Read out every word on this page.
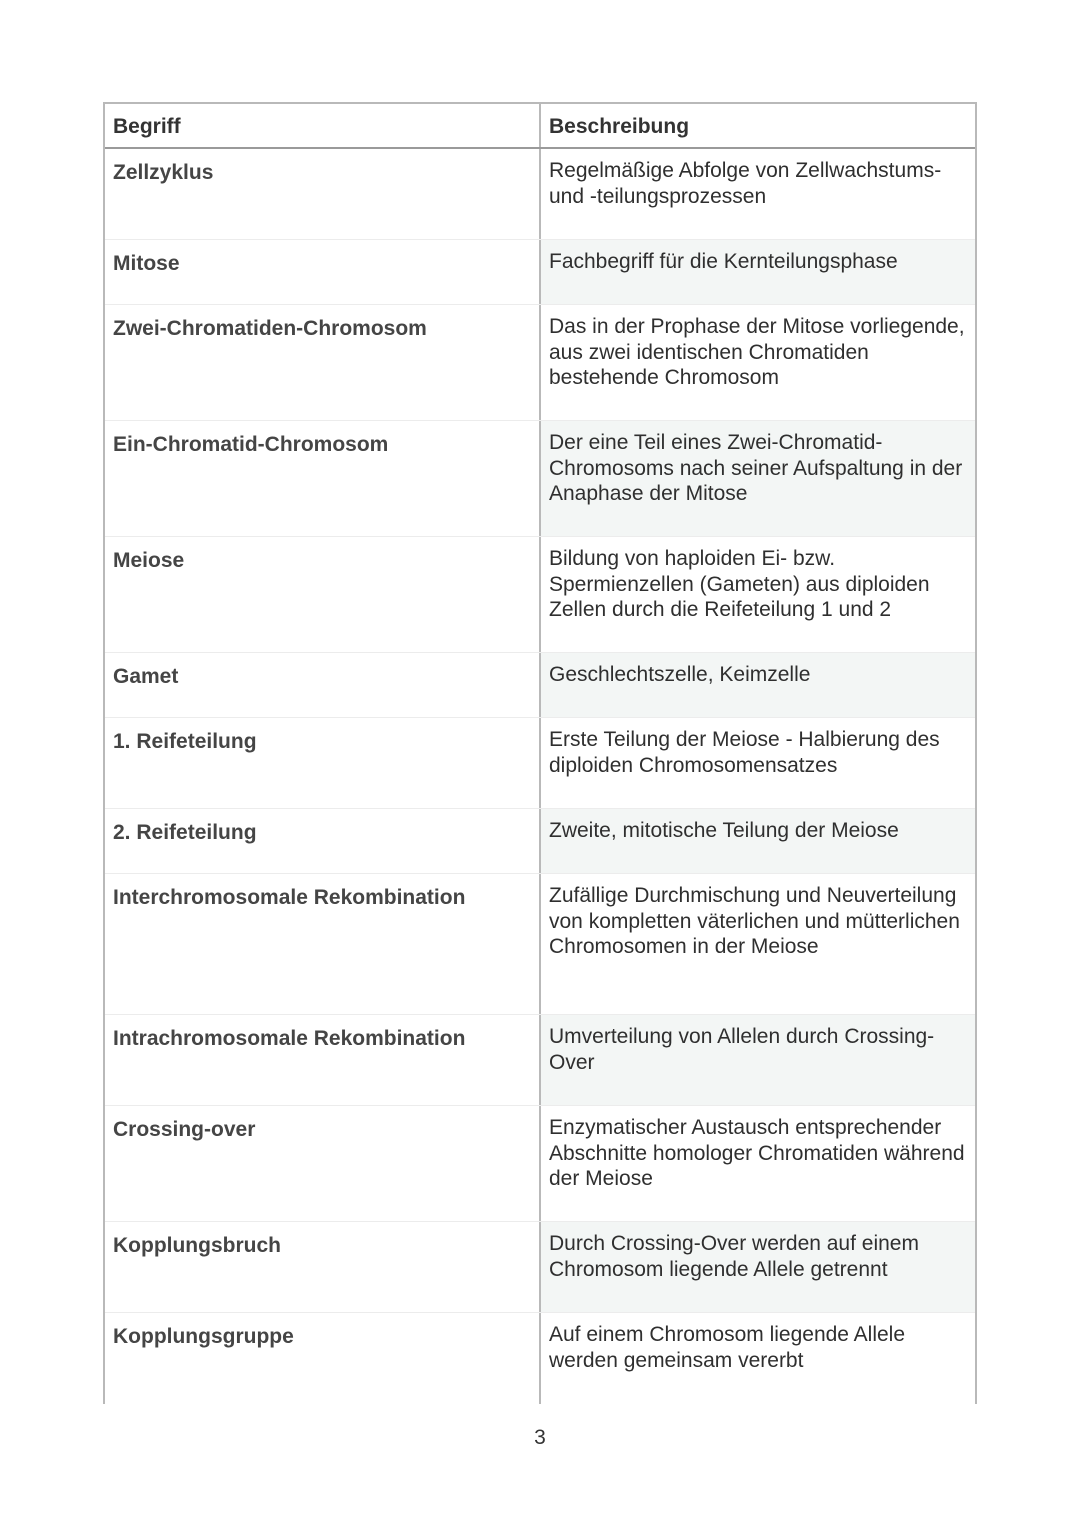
Begriff	Beschreibung
Zellzyklus	Regelmäßige Abfolge von Zellwachstums- und -teilungsprozessen
Mitose	Fachbegriff für die Kernteilungsphase
Zwei-Chromatiden-Chromosom	Das in der Prophase der Mitose vorliegende, aus zwei identischen Chromatiden bestehende Chromosom
Ein-Chromatid-Chromosom	Der eine Teil eines Zwei-Chromatid-Chromosoms nach seiner Aufspaltung in der Anaphase der Mitose
Meiose	Bildung von haploiden Ei- bzw. Spermienzellen (Gameten) aus diploiden Zellen durch die Reifeteilung 1 und 2
Gamet	Geschlechtszelle, Keimzelle
1. Reifeteilung	Erste Teilung der Meiose - Halbierung des diploiden Chromosomensatzes
2. Reifeteilung	Zweite, mitotische Teilung der Meiose
Interchromosomale Rekombination	Zufällige Durchmischung und Neuverteilung von kompletten väterlichen und mütterlichen Chromosomen in der Meiose
Intrachromosomale Rekombination	Umverteilung von Allelen durch Crossing-Over
Crossing-over	Enzymatischer Austausch entsprechender Abschnitte homologer Chromatiden während der Meiose
Kopplungsbruch	Durch Crossing-Over werden auf einem Chromosom liegende Allele getrennt
Kopplungsgruppe	Auf einem Chromosom liegende Allele werden gemeinsam vererbt
3
